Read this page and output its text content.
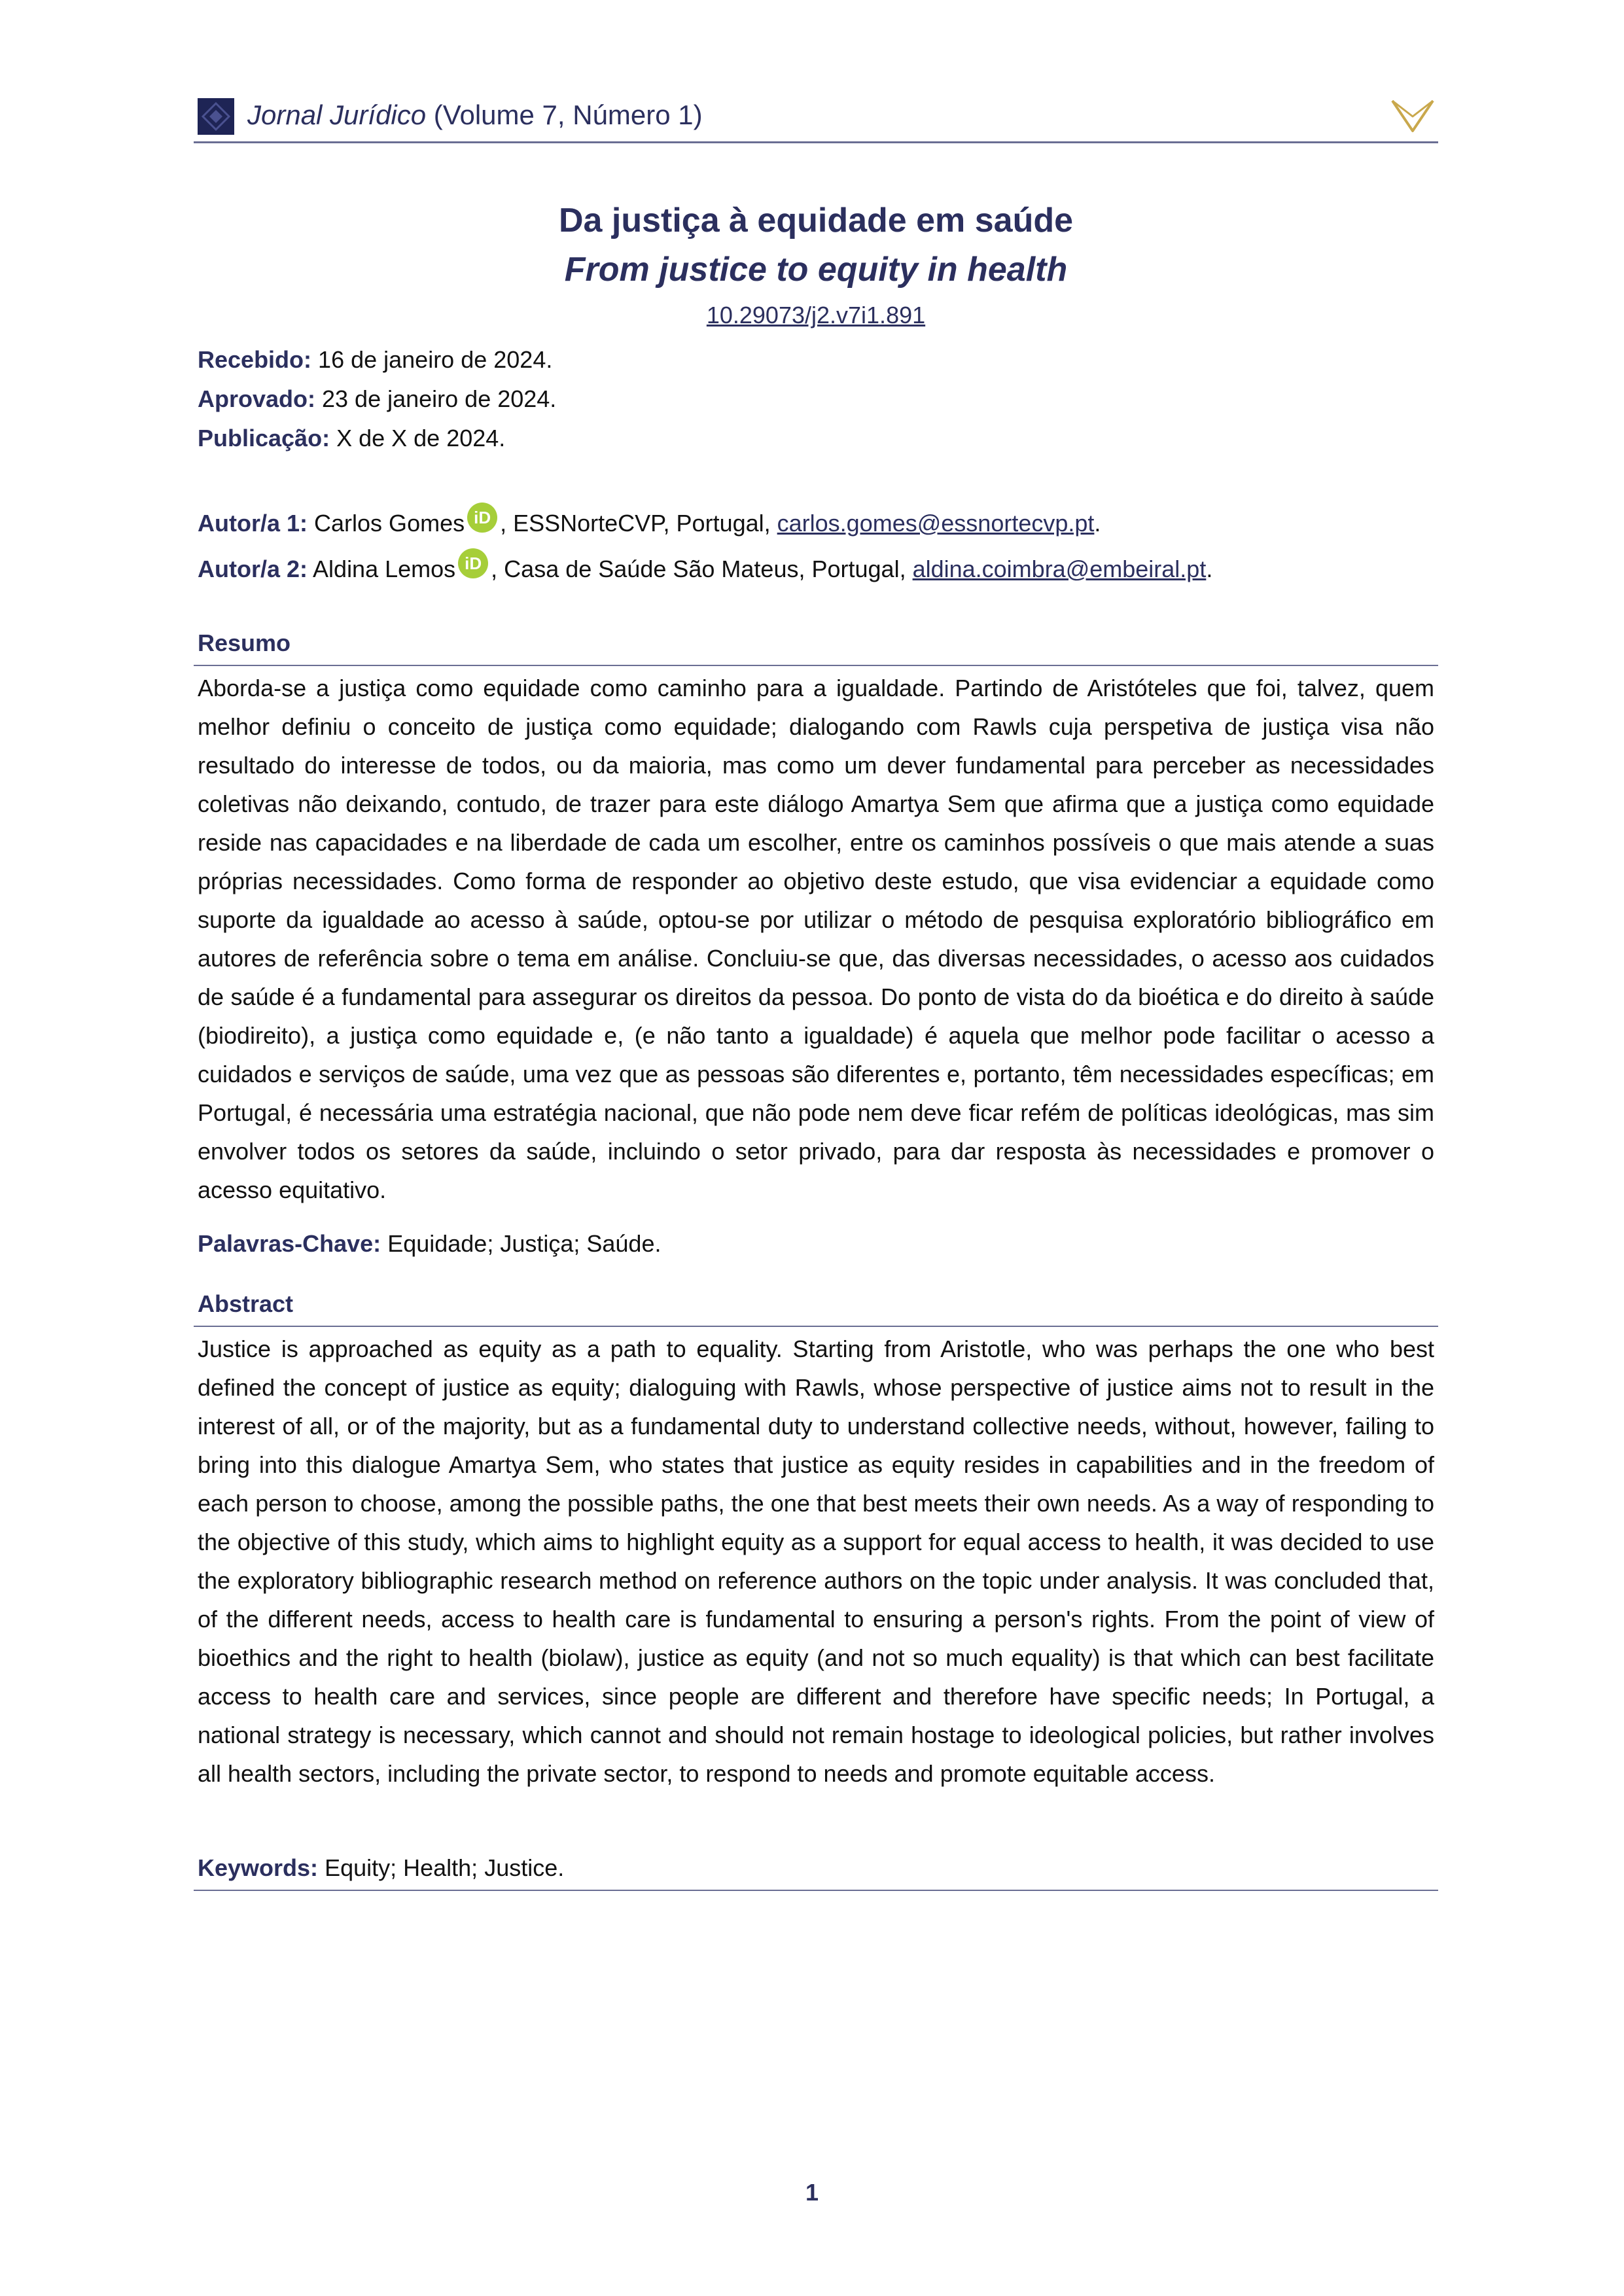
Jornal Jurídico (Volume 7, Número 1)
Da justiça à equidade em saúde
From justice to equity in health
10.29073/j2.v7i1.891
Recebido: 16 de janeiro de 2024.
Aprovado: 23 de janeiro de 2024.
Publicação: X de X de 2024.
Autor/a 1: Carlos Gomes iD , ESSNorteCVP, Portugal, carlos.gomes@essnortecvp.pt.
Autor/a 2: Aldina Lemos iD , Casa de Saúde São Mateus, Portugal, aldina.coimbra@embeiral.pt.
Resumo
Aborda-se a justiça como equidade como caminho para a igualdade. Partindo de Aristóteles que foi, talvez, quem melhor definiu o conceito de justiça como equidade; dialogando com Rawls cuja perspetiva de justiça visa não resultado do interesse de todos, ou da maioria, mas como um dever fundamental para perceber as necessidades coletivas não deixando, contudo, de trazer para este diálogo Amartya Sem que afirma que a justiça como equidade reside nas capacidades e na liberdade de cada um escolher, entre os caminhos possíveis o que mais atende a suas próprias necessidades. Como forma de responder ao objetivo deste estudo, que visa evidenciar a equidade como suporte da igualdade ao acesso à saúde, optou-se por utilizar o método de pesquisa exploratório bibliográfico em autores de referência sobre o tema em análise. Concluiu-se que, das diversas necessidades, o acesso aos cuidados de saúde é a fundamental para assegurar os direitos da pessoa. Do ponto de vista do da bioética e do direito à saúde (biodireito), a justiça como equidade e, (e não tanto a igualdade) é aquela que melhor pode facilitar o acesso a cuidados e serviços de saúde, uma vez que as pessoas são diferentes e, portanto, têm necessidades específicas; em Portugal, é necessária uma estratégia nacional, que não pode nem deve ficar refém de políticas ideológicas, mas sim envolver todos os setores da saúde, incluindo o setor privado, para dar resposta às necessidades e promover o acesso equitativo.
Palavras-Chave: Equidade; Justiça; Saúde.
Abstract
Justice is approached as equity as a path to equality. Starting from Aristotle, who was perhaps the one who best defined the concept of justice as equity; dialoguing with Rawls, whose perspective of justice aims not to result in the interest of all, or of the majority, but as a fundamental duty to understand collective needs, without, however, failing to bring into this dialogue Amartya Sem, who states that justice as equity resides in capabilities and in the freedom of each person to choose, among the possible paths, the one that best meets their own needs. As a way of responding to the objective of this study, which aims to highlight equity as a support for equal access to health, it was decided to use the exploratory bibliographic research method on reference authors on the topic under analysis. It was concluded that, of the different needs, access to health care is fundamental to ensuring a person's rights. From the point of view of bioethics and the right to health (biolaw), justice as equity (and not so much equality) is that which can best facilitate access to health care and services, since people are different and therefore have specific needs; In Portugal, a national strategy is necessary, which cannot and should not remain hostage to ideological policies, but rather involves all health sectors, including the private sector, to respond to needs and promote equitable access.
Keywords: Equity; Health; Justice.
1
